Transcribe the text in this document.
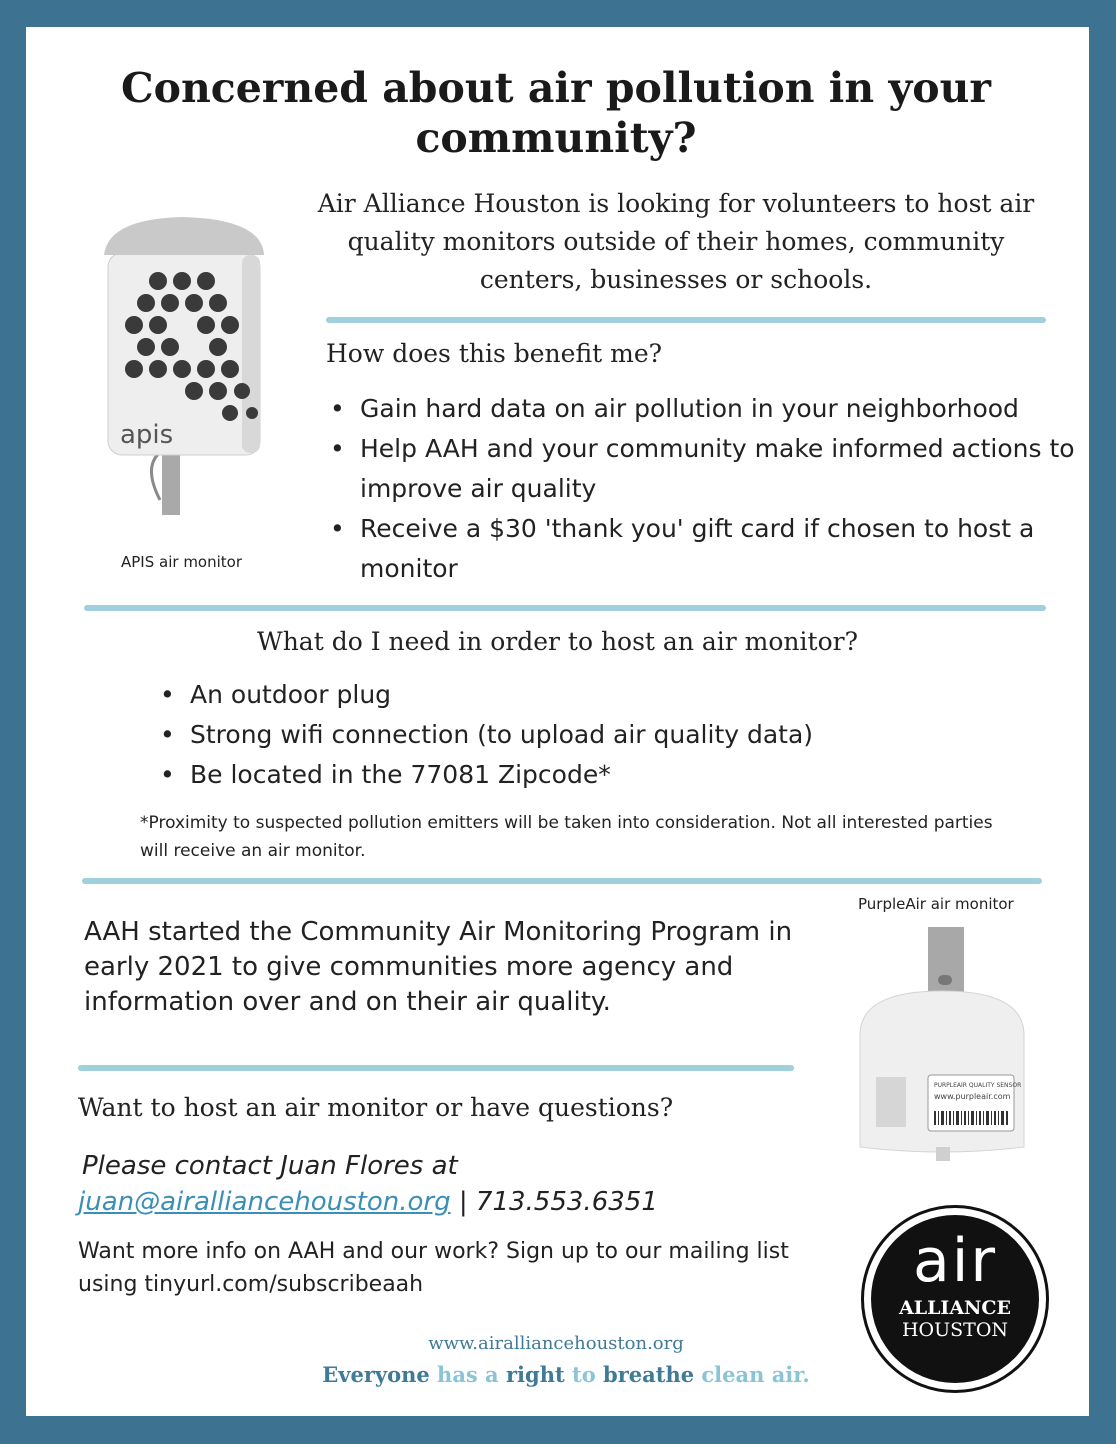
Concerned about air pollution in your community?
apis
APIS air monitor
Air Alliance Houston is looking for volunteers to host air quality monitors outside of their homes, community centers, businesses or schools.
How does this benefit me?
• Gain hard data on air pollution in your neighborhood
• Help AAH and your community make informed actions to improve air quality
• Receive a $30 'thank you' gift card if chosen to host a monitor
What do I need in order to host an air monitor?
• An outdoor plug
• Strong wifi connection (to upload air quality data)
• Be located in the 77081 Zipcode*
*Proximity to suspected pollution emitters will be taken into consideration. Not all interested parties will receive an air monitor.
PurpleAir air monitor
AAH started the Community Air Monitoring Program in early 2021 to give communities more agency and information over and on their air quality.
PURPLEAIR QUALITY SENSOR
www.purpleair.com
Want to host an air monitor or have questions?
Please contact Juan Flores at
juan@airalliancehouston.org | 713.553.6351
Want more info on AAH and our work? Sign up to our mailing list using tinyurl.com/subscribeaah	air
ALLIANCE
HOUSTON
www.airalliancehouston.org
Everyone has a right to breathe clean air.
